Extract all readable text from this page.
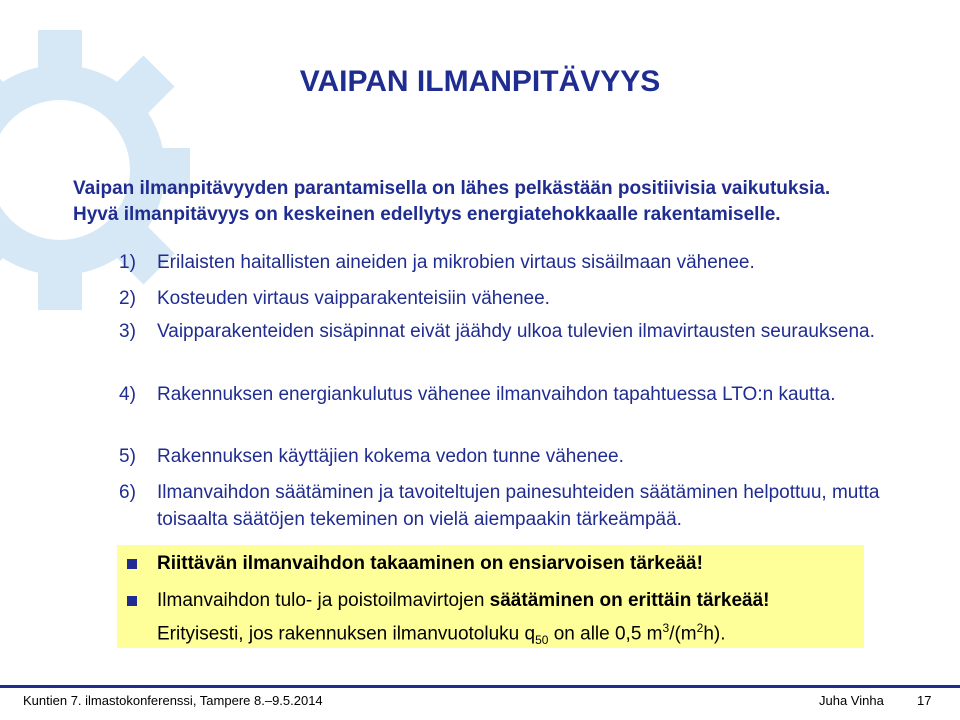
VAIPAN ILMANPITÄVYYS
Vaipan ilmanpitävyyden parantamisella on lähes pelkästään positiivisia vaikutuksia.
Hyvä ilmanpitävyys on keskeinen edellytys energiatehokkaalle rakentamiselle.
1) Erilaisten haitallisten aineiden ja mikrobien virtaus sisäilmaan vähenee.
2) Kosteuden virtaus vaipparakenteisiin vähenee.
3) Vaipparakenteiden sisäpinnat eivät jäähdy ulkoa tulevien ilmavirtausten seurauksena.
4) Rakennuksen energiankulutus vähenee ilmanvaihdon tapahtuessa LTO:n kautta.
5) Rakennuksen käyttäjien kokema vedon tunne vähenee.
6) Ilmanvaihdon säätäminen ja tavoiteltujen painesuhteiden säätäminen helpottuu, mutta toisaalta säätöjen tekeminen on vielä aiempaakin tärkeämpää.
Riittävän ilmanvaihdon takaaminen on ensiarvoisen tärkeää!
Ilmanvaihdon tulo- ja poistoilmavirtojen säätäminen on erittäin tärkeää!
Erityisesti, jos rakennuksen ilmanvuotoluku $q_{50}$ on alle 0,5 $m^3/(m^2h)$.
Kuntien 7. ilmastokonferenssi, Tampere 8.–9.5.2014	Juha Vinha	17
